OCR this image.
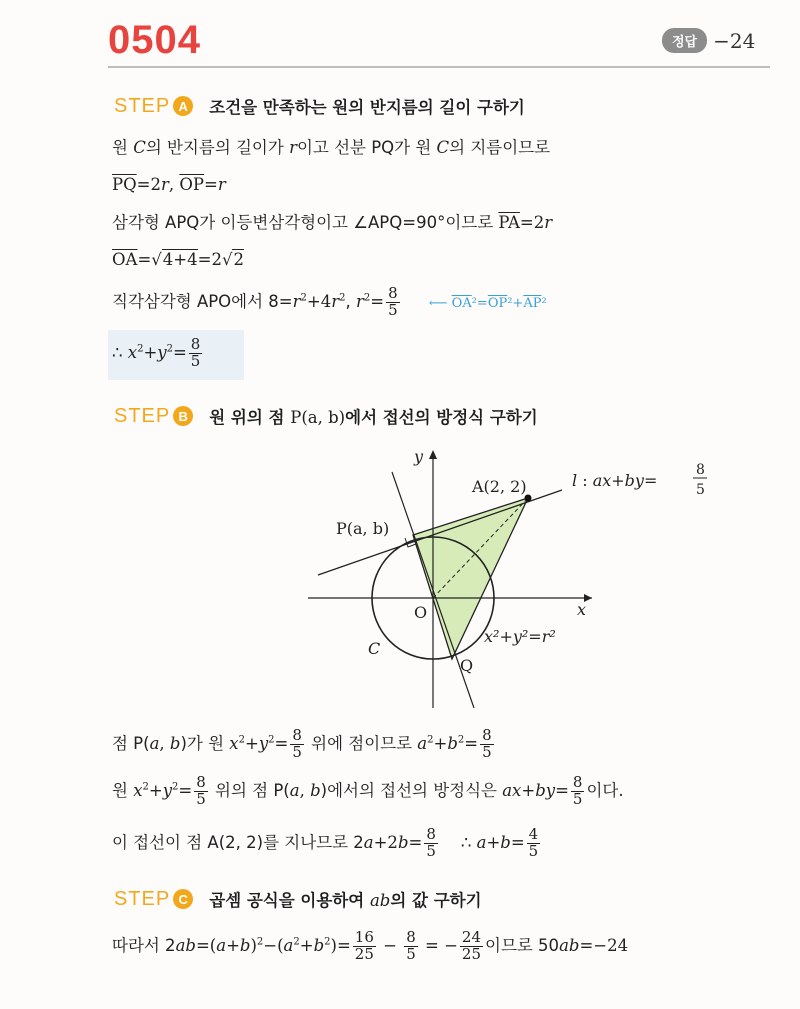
0504	정답 −24
STEP A	조건을 만족하는 원의 반지름의 길이 구하기
원 C의 반지름의 길이가 r이고 선분 PQ가 원 C의 지름이므로
$\overline{PQ}=2r$, $\overline{OP}=r$
삼각형 APQ가 이등변삼각형이고 ∠APQ=90°이므로 $\overline{PA}=2r$
$\overline{OA}=√4+4=2√2$
직각삼각형 APO에서 $8=r^2+4r^2$, $r^2= \frac{8}{5}$ ⟵ $\overline{OA}^2=\overline{OP}^2+\overline{AP}^2$
∴ $x^2+y^2= \frac{8}{5}$
STEP B	원 위의 점 P(a, b)에서 접선의 방정식 구하기
y
x
O
C
Q
P(a, b)
A(2, 2)	l : ax+by=
8
5
x²+y²=r²
점 P(a, b)가 원 $x^2+y^2= \frac{8}{5}$ 위에 점이므로 $a^2+b^2= \frac{8}{5}$
원 $x^2+y^2= \frac{8}{5}$ 위의 점 P(a, b)에서의 접선의 방정식은 $ax+by= \frac{8}{5}$ 이다.
이 접선이 점 A(2, 2)를 지나므로 $2a+2b= \frac{8}{5}$ ∴ $a+b= \frac{4}{5}$
STEP C	곱셈 공식을 이용하여 ab의 값 구하기
따라서 $2ab=(a+b)^2-(a^2+b^2)= \frac{16}{25} - \frac{8}{5}$ = − $\frac{24}{25}$ 이므로 50ab=−24
